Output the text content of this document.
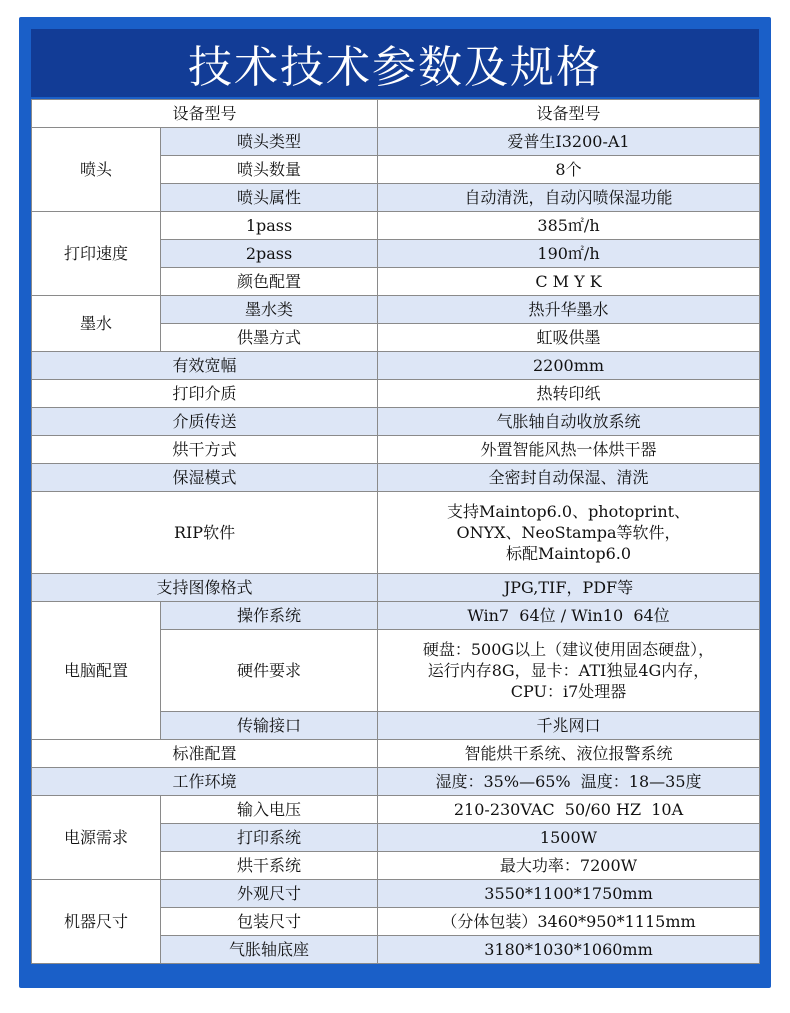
技术技术参数及规格
设备型号		设备型号
喷头	喷头类型	爱普生I3200-A1
	喷头数量	8个
	喷头属性	自动清洗，自动闪喷保湿功能
打印速度	1pass	385㎡/h
	2pass	190㎡/h
	颜色配置	C M Y K
墨水	墨水类	热升华墨水
	供墨方式	虹吸供墨
有效宽幅		2200mm
打印介质		热转印纸
介质传送		气胀轴自动收放系统
烘干方式		外置智能风热一体烘干器
保湿模式		全密封自动保湿、清洗
RIP软件		支持Maintop6.0、photoprint、
ONYX、NeoStampa等软件，
标配Maintop6.0

支持图像格式		JPG,TIF，PDF等
电脑配置	操作系统	Win7  64位 / Win10  64位
	硬件要求	硬盘：500G以上（建议使用固态硬盘），
运行内存8G，显卡：ATI独显4G内存，
CPU：i7处理器

	传输接口	千兆网口
标准配置		智能烘干系统、液位报警系统
工作环境		湿度：35%—65%  温度：18—35度
电源需求	输入电压	210-230VAC  50/60 HZ  10A
	打印系统	1500W
	烘干系统	最大功率：7200W
机器尺寸	外观尺寸	3550*1100*1750mm
	包装尺寸	（分体包装）3460*950*1115mm
	气胀轴底座	3180*1030*1060mm
